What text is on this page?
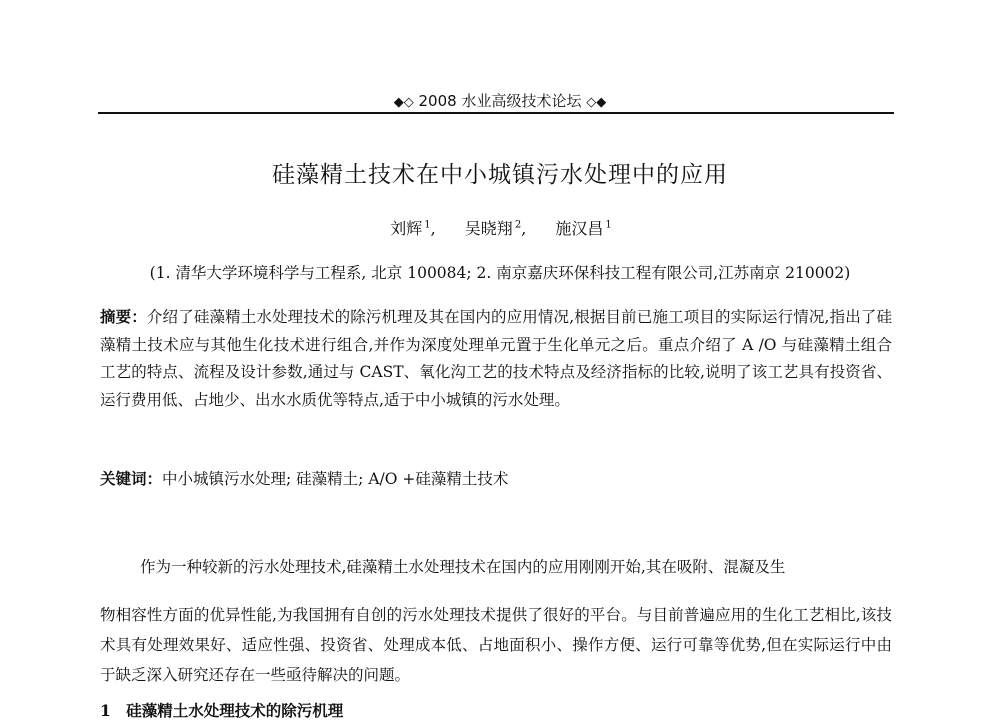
◆◇ 2008 水业高级技术论坛 ◇◆
硅藻精土技术在中小城镇污水处理中的应用
刘辉 $^1$, 吴晓翔 $^2$, 施汉昌 $^1$
(1. 清华大学环境科学与工程系, 北京 100084; 2. 南京嘉庆环保科技工程有限公司,江苏南京 210002)
摘要：介绍了硅藻精土水处理技术的除污机理及其在国内的应用情况,根据目前已施工项目的实际运行情况,指出了硅藻精土技术应与其他生化技术进行组合,并作为深度处理单元置于生化单元之后。重点介绍了 A /O 与硅藻精土组合工艺的特点、流程及设计参数,通过与 CAST、氧化沟工艺的技术特点及经济指标的比较,说明了该工艺具有投资省、运行费用低、占地少、出水水质优等特点,适于中小城镇的污水处理。
关键词：中小城镇污水处理; 硅藻精土; A/O +硅藻精土技术
作为一种较新的污水处理技术,硅藻精土水处理技术在国内的应用刚刚开始,其在吸附、混凝及生
物相容性方面的优异性能,为我国拥有自创的污水处理技术提供了很好的平台。与目前普遍应用的生化工艺相比,该技术具有处理效果好、适应性强、投资省、处理成本低、占地面积小、操作方便、运行可靠等优势,但在实际运行中由于缺乏深入研究还存在一些亟待解决的问题。
1　硅藻精土水处理技术的除污机理
